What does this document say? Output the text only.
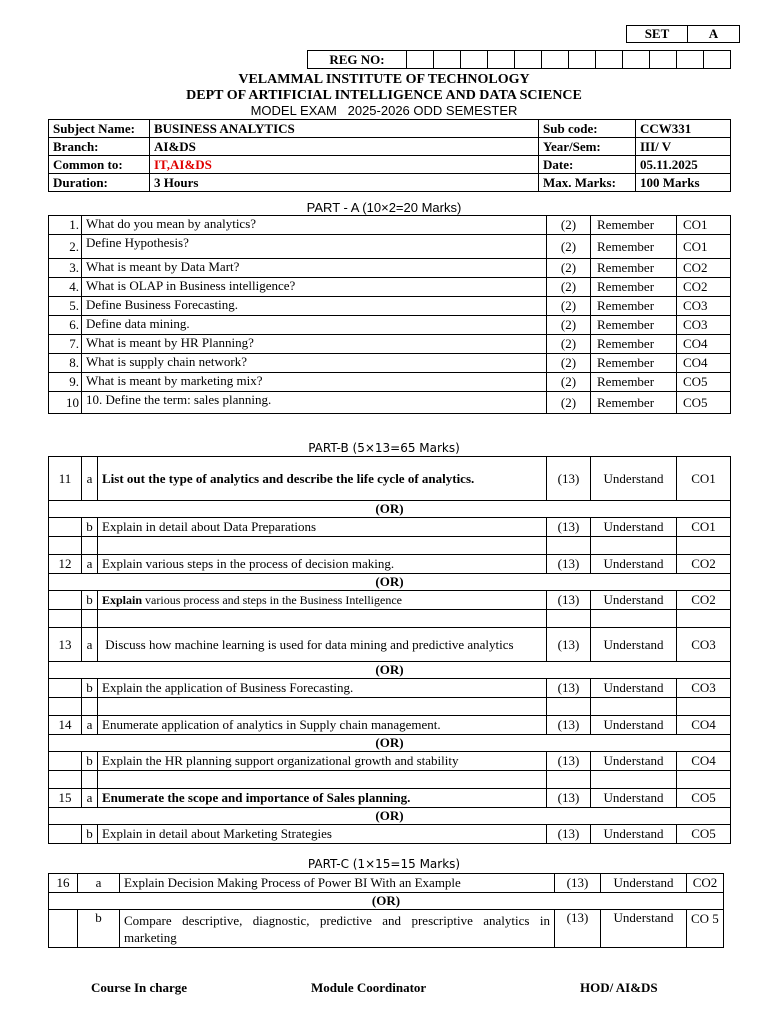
SET	A
REG NO:												
VELAMMAL INSTITUTE OF TECHNOLOGY
DEPT OF ARTIFICIAL INTELLIGENCE AND DATA SCIENCE
MODEL EXAM   2025-2026 ODD SEMESTER
Subject Name:	BUSINESS ANALYTICS	Sub code:	CCW331
Branch:	AI&DS	Year/Sem:	III/ V
Common to:	IT,AI&DS	Date:	05.11.2025
Duration:	3 Hours	Max. Marks:	100 Marks
PART - A (10×2=20 Marks)
1.	What do you mean by analytics?	(2)	Remember	CO1
2.	Define Hypothesis?	(2)	Remember	CO1
3.	What is meant by Data Mart?	(2)	Remember	CO2
4.	What is OLAP in Business intelligence?	(2)	Remember	CO2
5.	Define Business Forecasting.	(2)	Remember	CO3
6.	Define data mining.	(2)	Remember	CO3
7.	What is meant by HR Planning?	(2)	Remember	CO4
8.	What is supply chain network?	(2)	Remember	CO4
9.	What is meant by marketing mix?	(2)	Remember	CO5
10	10. Define the term: sales planning.	(2)	Remember	CO5
PART-B (5×13=65 Marks)
11	a	List out the type of analytics and describe the life cycle of analytics.	(13)	Understand	CO1
(OR)					
	b	Explain in detail about Data Preparations	(13)	Understand	CO1

12	a	Explain various steps in the process of decision making.	(13)	Understand	CO2
(OR)					
	b	Explain various process and steps in the Business Intelligence	(13)	Understand	CO2

13	a	Discuss how machine learning is used for data mining and predictive analytics	(13)	Understand	CO3
(OR)					
	b	Explain the application of Business Forecasting.	(13)	Understand	CO3

14	a	Enumerate application of analytics in Supply chain management.	(13)	Understand	CO4
(OR)					
	b	Explain the HR planning support organizational growth and stability	(13)	Understand	CO4

15	a	Enumerate the scope and importance of Sales planning.	(13)	Understand	CO5
(OR)					
	b	Explain in detail about Marketing Strategies	(13)	Understand	CO5
PART-C (1×15=15 Marks)
16	a	Explain Decision Making Process of Power BI With an Example	(13)	Understand	CO2
(OR)					
	b	Compare descriptive, diagnostic, predictive and prescriptive analytics in marketing	(13)	Understand	CO 5
Course In charge	Module Coordinator	HOD/ AI&DS
